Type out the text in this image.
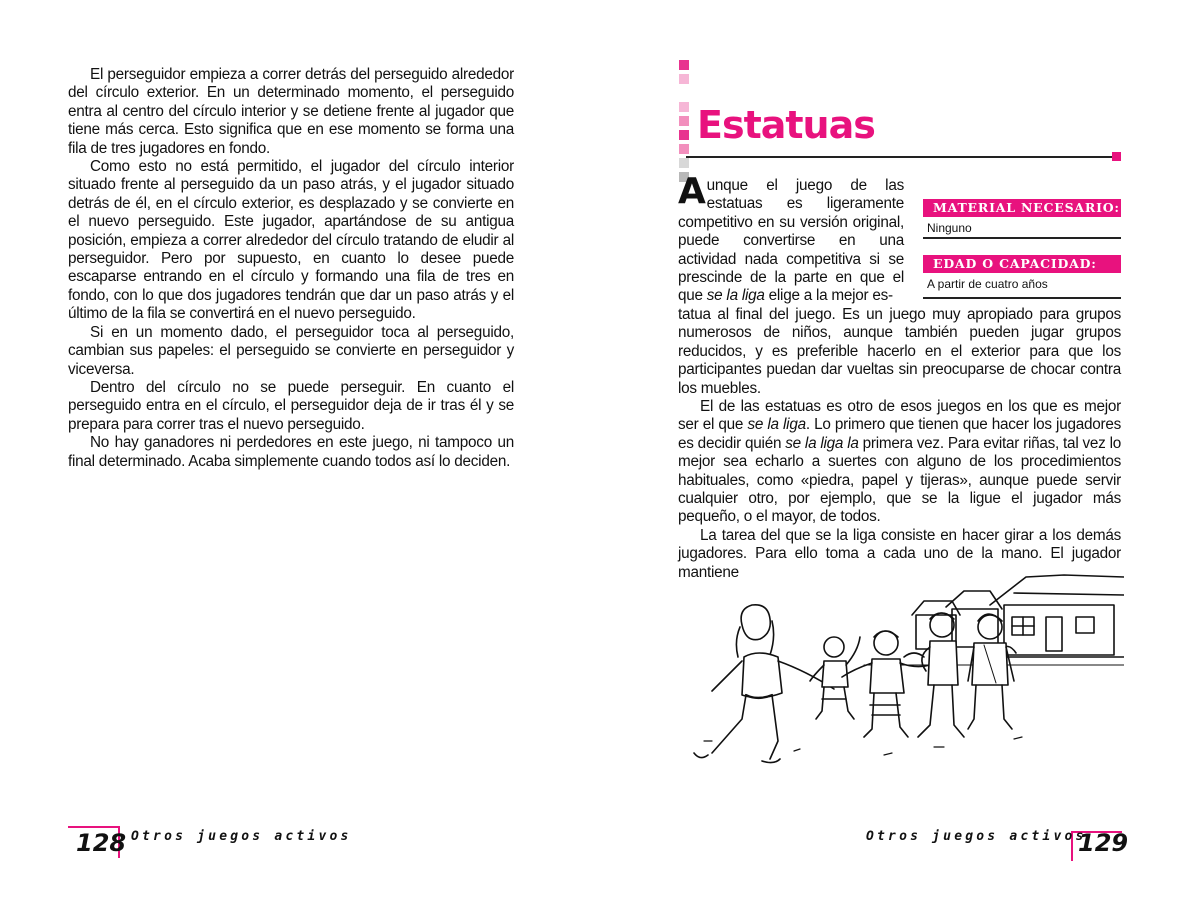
El perseguidor empieza a correr detrás del perseguido alrededor del círculo exterior. En un determinado momento, el perseguido entra al centro del círculo interior y se detiene frente al jugador que tiene más cerca. Esto significa que en ese momento se forma una fila de tres jugadores en fondo.

Como esto no está permitido, el jugador del círculo interior situado frente al perseguido da un paso atrás, y el jugador situado detrás de él, en el círculo exterior, es desplazado y se convierte en el nuevo perseguido. Este jugador, apartándose de su antigua posición, empieza a correr alrededor del círculo tratando de eludir al perseguidor. Pero por supuesto, en cuanto lo desee puede escaparse entrando en el círculo y formando una fila de tres en fondo, con lo que dos jugadores tendrán que dar un paso atrás y el último de la fila se convertirá en el nuevo perseguido.

Si en un momento dado, el perseguidor toca al perseguido, cambian sus papeles: el perseguido se convierte en perseguidor y viceversa.

Dentro del círculo no se puede perseguir. En cuanto el perseguido entra en el círculo, el perseguidor deja de ir tras él y se prepara para correr tras el nuevo perseguido.

No hay ganadores ni perdedores en este juego, ni tampoco un final determinado. Acaba simplemente cuando todos así lo deciden.

128 Otros juegos activos
Estatuas
MATERIAL NECESARIO:
Ninguno
EDAD O CAPACIDAD:
A partir de cuatro años

Aunque el juego de las estatuas es ligeramente competitivo en su versión original, puede convertirse en una actividad nada competitiva si se prescinde de la parte en que el que se la liga elige a la mejor es-

tatua al final del juego. Es un juego muy apropiado para grupos numerosos de niños, aunque también pueden jugar grupos reducidos, y es preferible hacerlo en el exterior para que los participantes puedan dar vueltas sin preocuparse de chocar contra los muebles.

El de las estatuas es otro de esos juegos en los que es mejor ser el que se la liga. Lo primero que tienen que hacer los jugadores es decidir quién se la liga la primera vez. Para evitar riñas, tal vez lo mejor sea echarlo a suertes con alguno de los procedimientos habituales, como «piedra, papel y tijeras», aunque puede servir cualquier otro, por ejemplo, que se la ligue el jugador más pequeño, o el mayor, de todos.

La tarea del que se la liga consiste en hacer girar a los demás jugadores. Para ello toma a cada uno de la mano. El jugador mantiene

Otros juegos activos
129
